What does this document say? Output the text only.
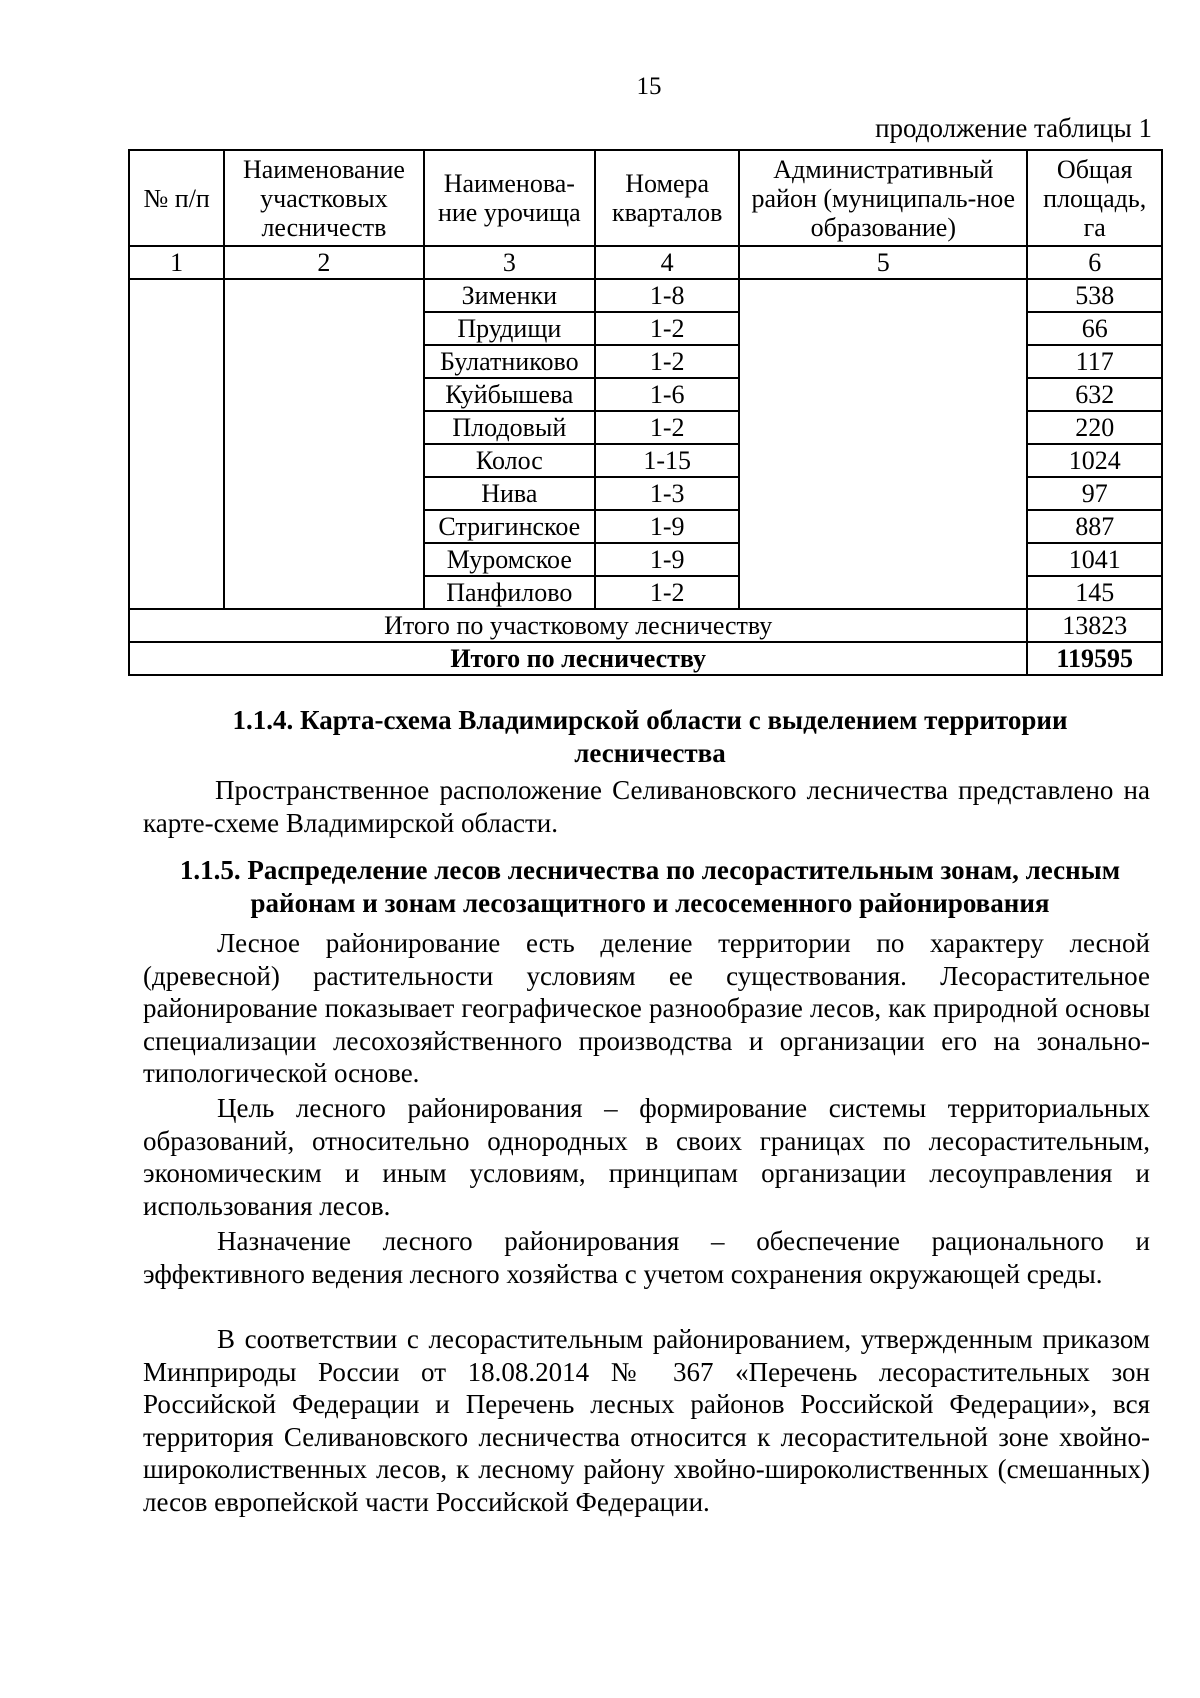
15
продолжение таблицы 1
№ п/п	Наименование участковых лесничеств	Наименова-ние урочища	Номера кварталов	Административный район (муниципаль-ное образование)	Общая площадь, га
1	2	3	4	5	6
		Зименки	1-8		538
		Прудищи	1-2		66
		Булатниково	1-2		117
		Куйбышева	1-6		632
		Плодовый	1-2		220
		Колос	1-15		1024
		Нива	1-3		97
		Стригинское	1-9		887
		Муромское	1-9		1041
		Панфилово	1-2		145
Итого по участковому лесничеству					13823
Итого по лесничеству					119595
1.1.4. Карта-схема Владимирской области с выделением территории
лесничества
Пространственное расположение Селивановского лесничества представлено на карте-схеме Владимирской области.
1.1.5. Распределение лесов лесничества по лесорастительным зонам, лесным
районам и зонам лесозащитного и лесосеменного районирования
Лесное районирование есть деление территории по характеру лесной (древесной) растительности условиям ее существования. Лесорастительное районирование показывает географическое разнообразие лесов, как природной основы специализации лесохозяйственного производства и организации его на зонально-типологической основе.
Цель лесного районирования – формирование системы территориальных образований, относительно однородных в своих границах по лесорастительным, экономическим и иным условиям, принципам организации лесоуправления и использования лесов.
Назначение лесного районирования – обеспечение рационального и эффективного ведения лесного хозяйства с учетом сохранения окружающей среды.
В соответствии с лесорастительным районированием, утвержденным приказом Минприроды России от 18.08.2014 № 367 «Перечень лесорастительных зон Российской Федерации и Перечень лесных районов Российской Федерации», вся территория Селивановского лесничества относится к лесорастительной зоне хвойно-широколиственных лесов, к лесному району хвойно-широколиственных (смешанных) лесов европейской части Российской Федерации.
